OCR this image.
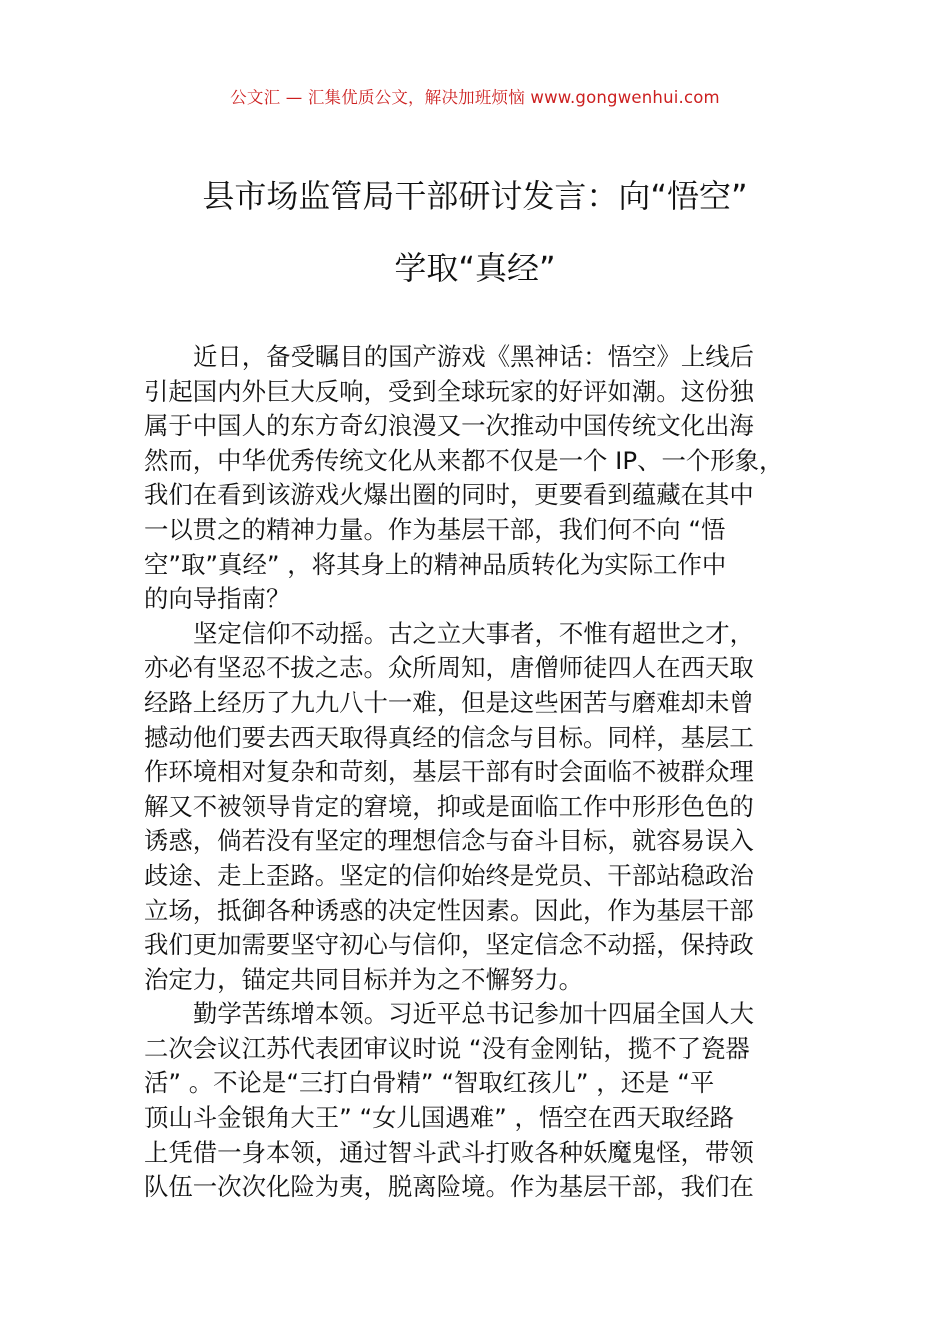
公文汇 — 汇集优质公文，解决加班烦恼 www.gongwenhui.com
县市场监管局干部研讨发言：向“悟空”
学取“真经”
近日，备受瞩目的国产游戏《黑神话：悟空》上线后
引起国内外巨大反响，受到全球玩家的好评如潮。这份独
属于中国人的东方奇幻浪漫又一次推动中国传统文化出海
然而，中华优秀传统文化从来都不仅是一个 IP、一个形象，
我们在看到该游戏火爆出圈的同时，更要看到蕴藏在其中
一以贯之的精神力量。作为基层干部，我们何不向 “悟
空”取”真经” ，将其身上的精神品质转化为实际工作中
的向导指南？
坚定信仰不动摇。古之立大事者，不惟有超世之才，
亦必有坚忍不拔之志。众所周知，唐僧师徒四人在西天取
经路上经历了九九八十一难，但是这些困苦与磨难却未曾
撼动他们要去西天取得真经的信念与目标。同样，基层工
作环境相对复杂和苛刻，基层干部有时会面临不被群众理
解又不被领导肯定的窘境，抑或是面临工作中形形色色的
诱惑，倘若没有坚定的理想信念与奋斗目标，就容易误入
歧途、走上歪路。坚定的信仰始终是党员、干部站稳政治
立场，抵御各种诱惑的决定性因素。因此，作为基层干部
我们更加需要坚守初心与信仰，坚定信念不动摇，保持政
治定力，锚定共同目标并为之不懈努力。
勤学苦练增本领。习近平总书记参加十四届全国人大
二次会议江苏代表团审议时说 “没有金刚钻，揽不了瓷器
活” 。不论是“三打白骨精” “智取红孩儿” ，还是 “平
顶山斗金银角大王” “女儿国遇难” ，悟空在西天取经路
上凭借一身本领，通过智斗武斗打败各种妖魔鬼怪，带领
队伍一次次化险为夷，脱离险境。作为基层干部，我们在
